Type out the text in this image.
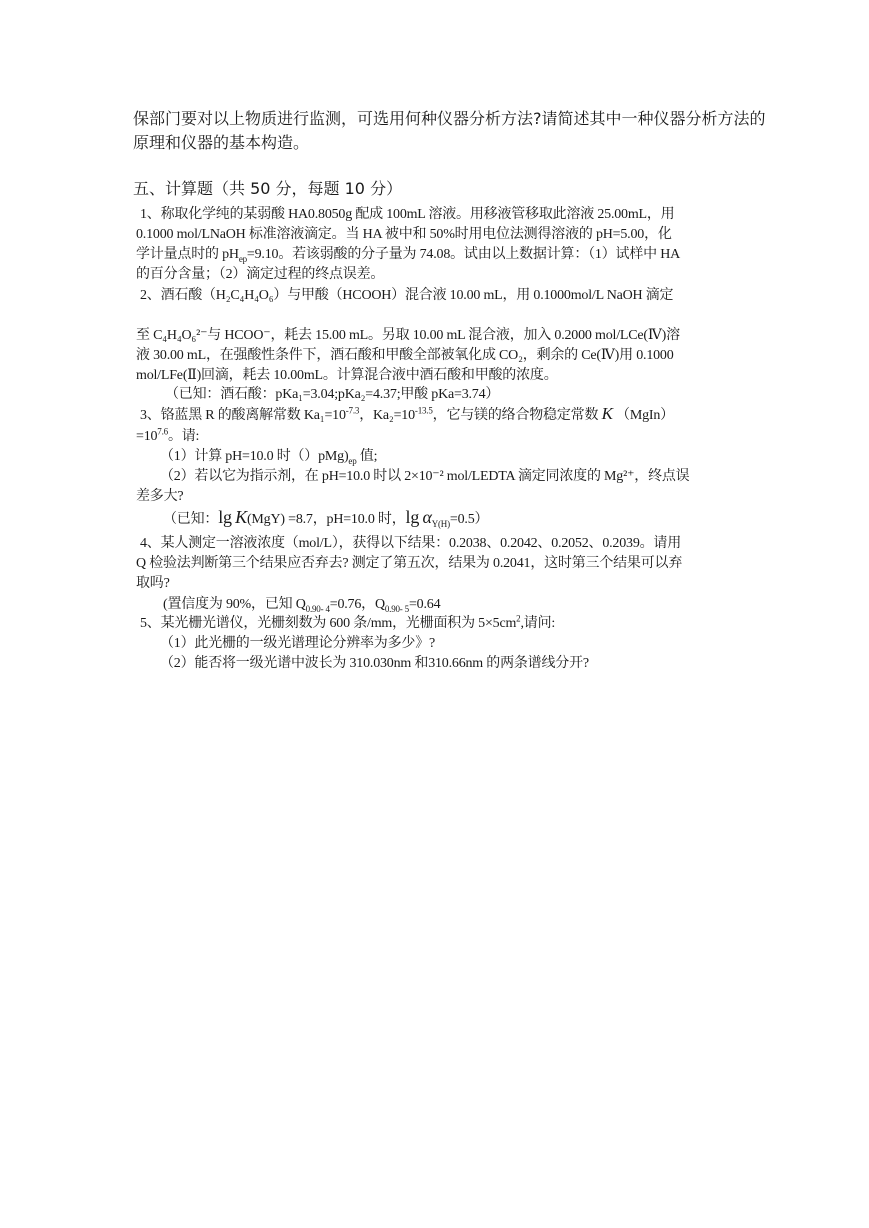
保部门要对以上物质进行监测，可选用何种仪器分析方法?请简述其中一种仪器分析方法的
原理和仪器的基本构造。
五、计算题（共 50 分，每题 10 分）
1、称取化学纯的某弱酸 HA0.8050g 配成 100mL 溶液。用移液管移取此溶液 25.00mL，用
0.1000 mol/LNaOH 标准溶液滴定。当 HA 被中和 50%时用电位法测得溶液的 pH=5.00，化
学计量点时的 $pH_{ep}=9.10$。若该弱酸的分子量为 74.08。试由以上数据计算：（1）试样中 HA
的百分含量；（2）滴定过程的终点误差。
2、酒石酸（H₂C₄H₄O₆）与甲酸（HCOOH）混合液 10.00 mL，用 0.1000mol/L NaOH 滴定
至 C₄H₄O₆²⁻与 HCOO⁻，耗去 15.00 mL。另取 10.00 mL 混合液，加入 0.2000 mol/LCe(Ⅳ)溶
液 30.00 mL，在强酸性条件下，酒石酸和甲酸全部被氧化成 CO₂，剩余的 Ce(Ⅳ)用 0.1000
mol/LFe(Ⅱ)回滴，耗去 10.00mL。计算混合液中酒石酸和甲酸的浓度。
（已知：酒石酸：pKa₁=3.04;pKa₂=4.37;甲酸 pKa=3.74）
3、铬蓝黑 R 的酸离解常数 $Ka_1=10^{-7.3}$，$Ka_2=10^{-13.5}$，它与镁的络合物稳定常数 K （MgIn）
$=10^{7.6}$。请:
（1）计算 pH=10.0 时$()pMg)_{ep}$ 值;
（2）若以它为指示剂，在 pH=10.0 时以 2×10⁻² mol/LEDTA 滴定同浓度的 Mg²⁺，终点误
差多大?
（已知：lg K(MgY) =8.7，pH=10.0 时，$\lg \alpha_{Y(H)}=0.5$）
4、某人测定一溶液浓度（mol/L），获得以下结果：0.2038、0.2042、0.2052、0.2039。请用
Q 检验法判断第三个结果应否弃去? 测定了第五次，结果为 0.2041，这时第三个结果可以弃
取吗?
(置信度为 90%，已知 $Q_{0.90- 4}=0.76$，$Q_{0.90- 5}=0.64$
5、某光栅光谱仪，光栅刻数为 600 条/mm，光栅面积为 $5\times 5cm^2$,请问:
（1）此光栅的一级光谱理论分辨率为多少》?
（2）能否将一级光谱中波长为 310.030nm 和310.66nm 的两条谱线分开?
